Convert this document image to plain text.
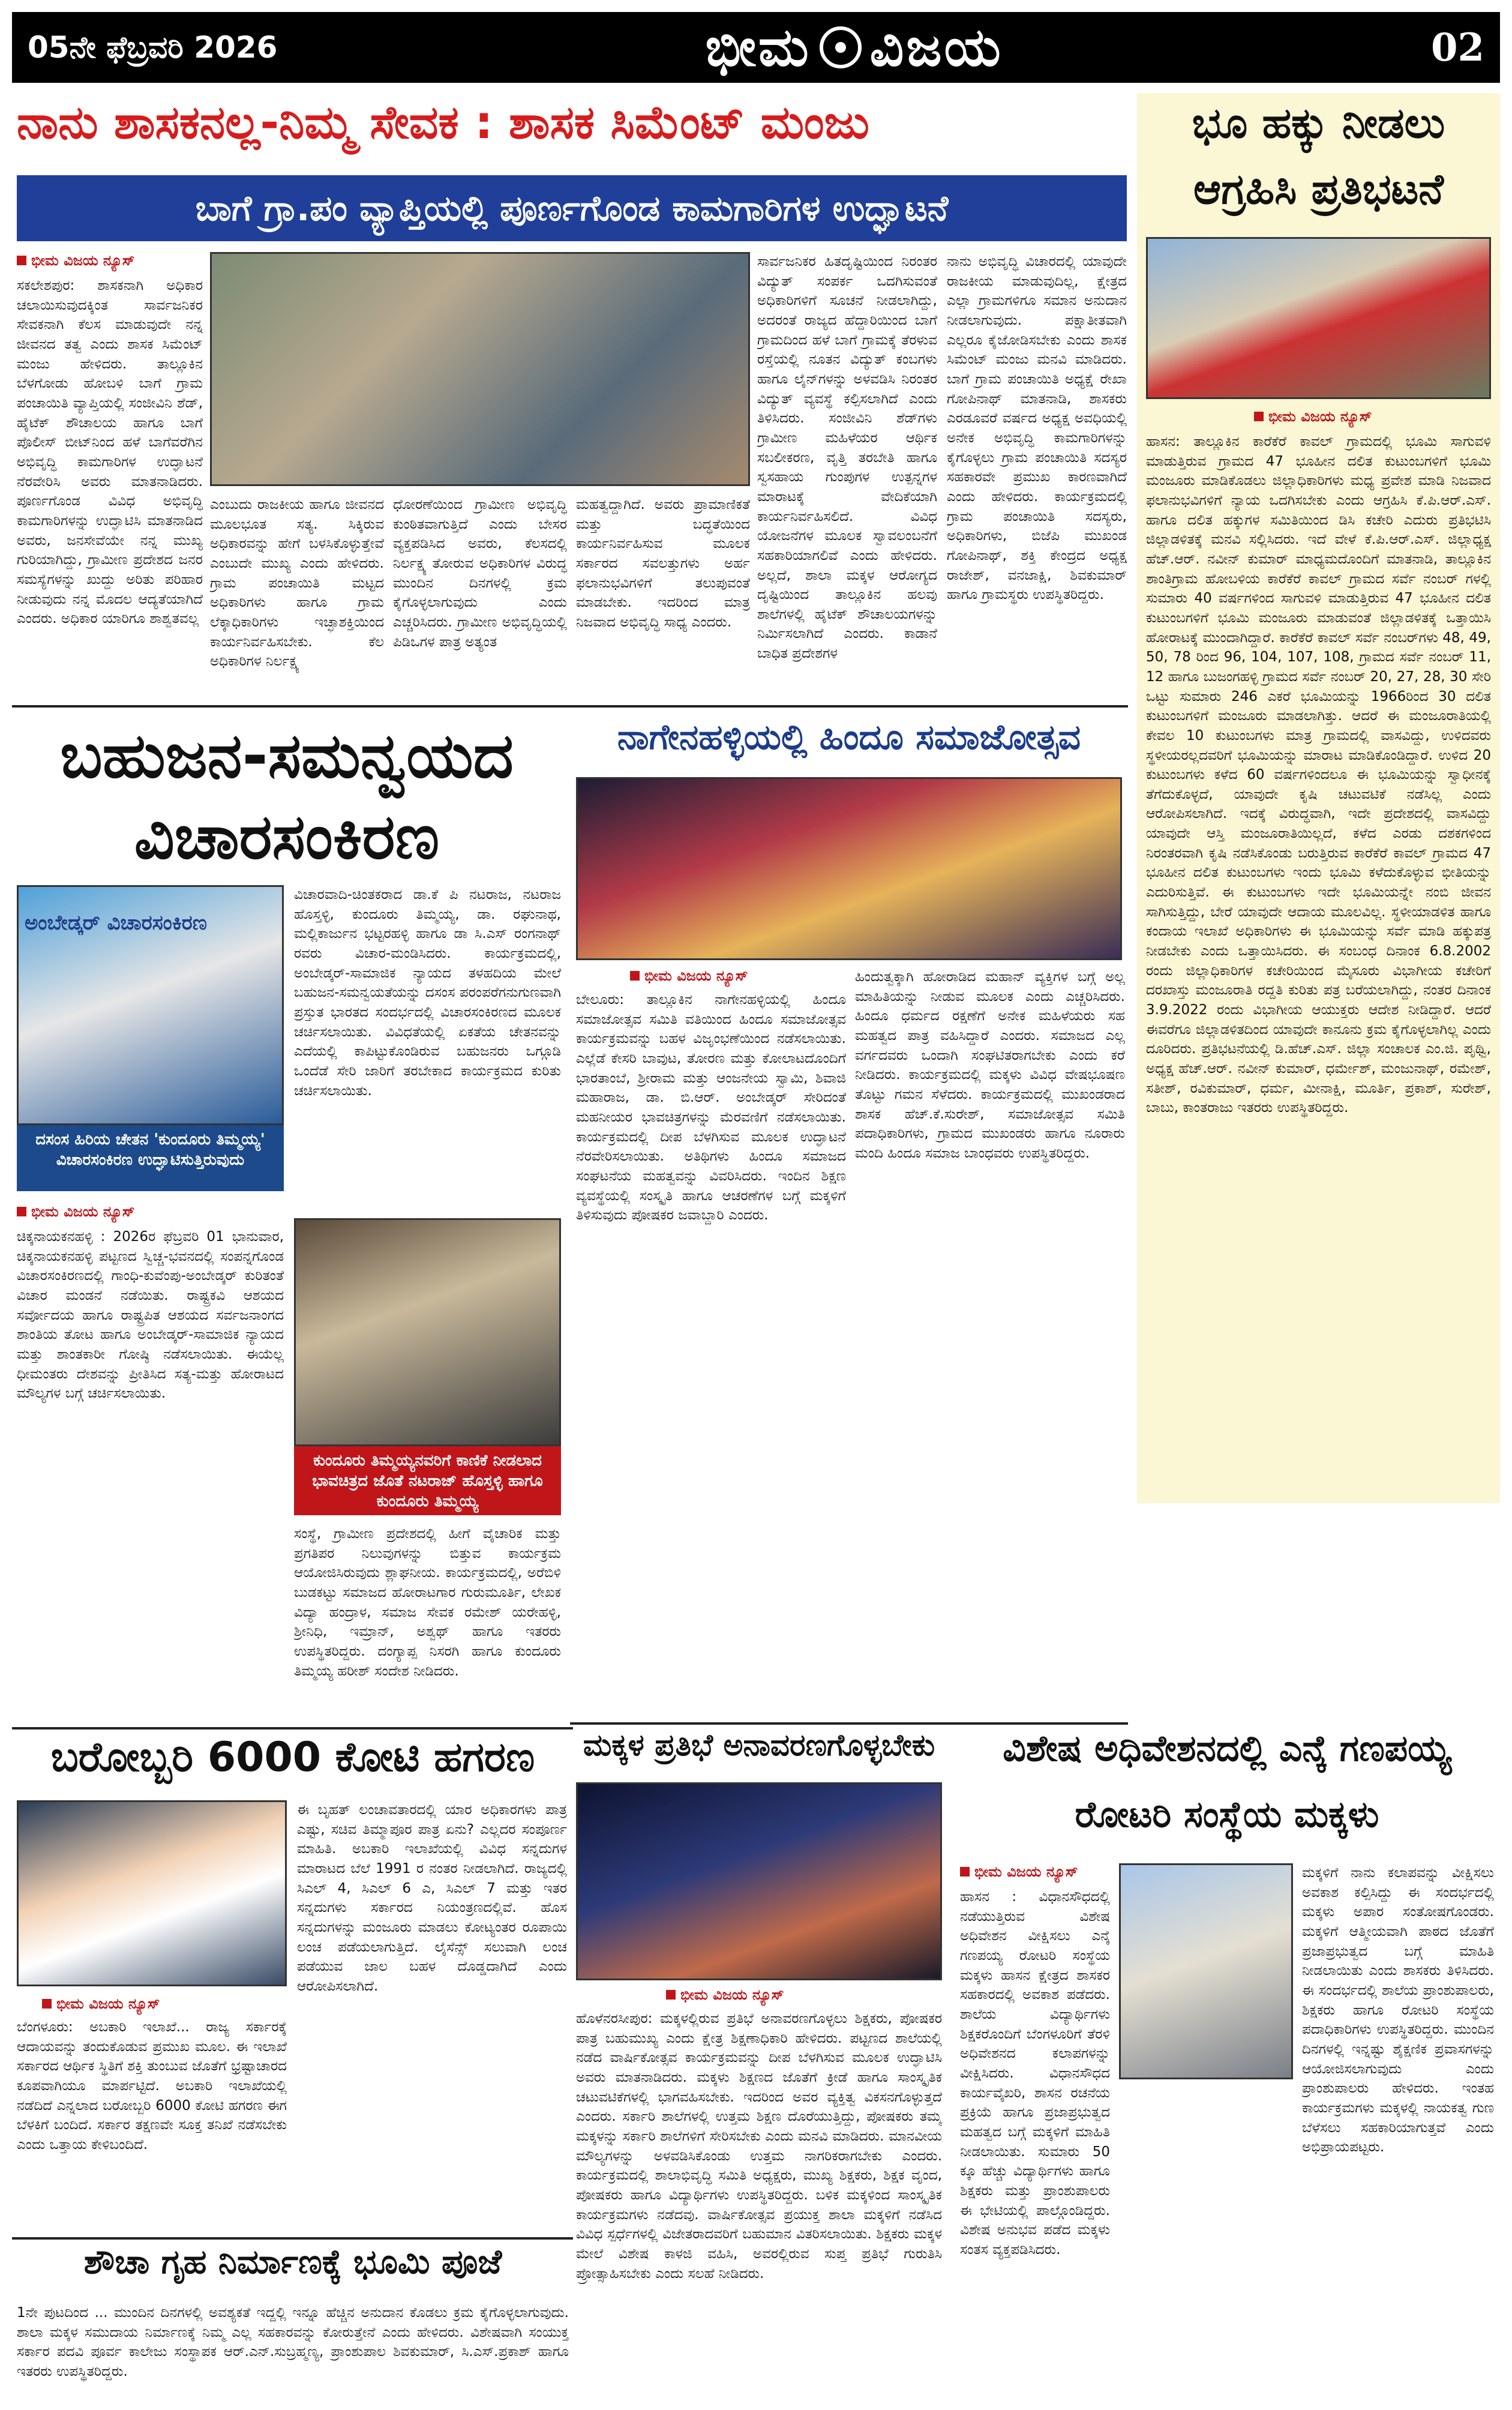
05ನೇ ಫೆಬ್ರವರಿ 2026	ಭೀಮ ವಿಜಯ	02
ನಾನು ಶಾಸಕನಲ್ಲ-ನಿಮ್ಮ ಸೇವಕ : ಶಾಸಕ ಸಿಮೆಂಟ್ ಮಂಜು
ಬಾಗೆ ಗ್ರಾ.ಪಂ ವ್ಯಾಪ್ತಿಯಲ್ಲಿ ಪೂರ್ಣಗೊಂಡ ಕಾಮಗಾರಿಗಳ ಉದ್ಘಾಟನೆ
ಭೀಮ ವಿಜಯ ನ್ಯೂಸ್
ಸಕಲೇಶಪುರ: ಶಾಸಕನಾಗಿ ಅಧಿಕಾರ ಚಲಾಯಿಸುವುದಕ್ಕಿಂತ ಸಾರ್ವಜನಿಕರ ಸೇವಕನಾಗಿ ಕೆಲಸ ಮಾಡುವುದೇ ನನ್ನ ಜೀವನದ ತತ್ವ ಎಂದು ಶಾಸಕ ಸಿಮೆಂಟ್ ಮಂಜು ಹೇಳಿದರು. ತಾಲ್ಲೂಕಿನ ಬೆಳಗೋಡು ಹೋಬಳಿ ಬಾಗೆ ಗ್ರಾಮ ಪಂಚಾಯಿತಿ ವ್ಯಾಪ್ತಿಯಲ್ಲಿ ಸಂಜೀವಿನಿ ಶೆಡ್, ಹೈಟೆಕ್ ಶೌಚಾಲಯ ಹಾಗೂ ಬಾಗೆ ಪೊಲೀಸ್ ಬೀಟ್‌ನಿಂದ ಹಳೆ ಬಾಗೆವರೆಗಿನ ಅಭಿವೃದ್ಧಿ ಕಾಮಗಾರಿಗಳ ಉದ್ಘಾಟನೆ ನೆರವೇರಿಸಿ ಅವರು ಮಾತನಾಡಿದರು. ಪೂರ್ಣಗೊಂಡ ವಿವಿಧ ಅಭಿವೃದ್ಧಿ ಕಾಮಗಾರಿಗಳನ್ನು ಉದ್ಘಾಟಿಸಿ ಮಾತನಾಡಿದ ಅವರು, ಜನಸೇವೆಯೇ ನನ್ನ ಮುಖ್ಯ ಗುರಿಯಾಗಿದ್ದು, ಗ್ರಾಮೀಣ ಪ್ರದೇಶದ ಜನರ ಸಮಸ್ಯೆಗಳನ್ನು ಖುದ್ದು ಅರಿತು ಪರಿಹಾರ ನೀಡುವುದು ನನ್ನ ಮೊದಲ ಆದ್ಯತೆಯಾಗಿದೆ ಎಂದರು. ಅಧಿಕಾರ ಯಾರಿಗೂ ಶಾಶ್ವತವಲ್ಲ
ಎಂಬುದು ರಾಜಕೀಯ ಹಾಗೂ ಜೀವನದ ಮೂಲಭೂತ ಸತ್ಯ. ಸಿಕ್ಕಿರುವ ಅಧಿಕಾರವನ್ನು ಹೇಗೆ ಬಳಸಿಕೊಳ್ಳುತ್ತೇವೆ ಎಂಬುದೇ ಮುಖ್ಯ ಎಂದು ಹೇಳಿದರು. ಗ್ರಾಮ ಪಂಚಾಯಿತಿ ಮಟ್ಟದ ಅಧಿಕಾರಿಗಳು ಹಾಗೂ ಗ್ರಾಮ ಲೆಕ್ಕಾಧಿಕಾರಿಗಳು ಇಚ್ಛಾಶಕ್ತಿಯಿಂದ ಕಾರ್ಯನಿರ್ವಹಿಸಬೇಕು. ಕೆಲ ಅಧಿಕಾರಿಗಳ ನಿರ್ಲಕ್ಷ್ಯ
ಧೋರಣೆಯಿಂದ ಗ್ರಾಮೀಣ ಅಭಿವೃದ್ಧಿ ಕುಂಠಿತವಾಗುತ್ತಿದೆ ಎಂದು ಬೇಸರ ವ್ಯಕ್ತಪಡಿಸಿದ ಅವರು, ಕೆಲಸದಲ್ಲಿ ನಿರ್ಲಕ್ಷ್ಯ ತೋರುವ ಅಧಿಕಾರಿಗಳ ವಿರುದ್ಧ ಮುಂದಿನ ದಿನಗಳಲ್ಲಿ ಕ್ರಮ ಕೈಗೊಳ್ಳಲಾಗುವುದು ಎಂದು ಎಚ್ಚರಿಸಿದರು. ಗ್ರಾಮೀಣ ಅಭಿವೃದ್ಧಿಯಲ್ಲಿ ಪಿಡಿಒಗಳ ಪಾತ್ರ ಅತ್ಯಂತ
ಮಹತ್ವದ್ದಾಗಿದೆ. ಅವರು ಪ್ರಾಮಾಣಿಕತೆ ಮತ್ತು ಬದ್ಧತೆಯಿಂದ ಕಾರ್ಯನಿರ್ವಹಿಸುವ ಮೂಲಕ ಸರ್ಕಾರದ ಸವಲತ್ತುಗಳು ಅರ್ಹ ಫಲಾನುಭವಿಗಳಿಗೆ ತಲುಪುವಂತೆ ಮಾಡಬೇಕು. ಇದರಿಂದ ಮಾತ್ರ ನಿಜವಾದ ಅಭಿವೃದ್ಧಿ ಸಾಧ್ಯ ಎಂದರು.
ಸಾರ್ವಜನಿಕರ ಹಿತದೃಷ್ಟಿಯಿಂದ ನಿರಂತರ ವಿದ್ಯುತ್ ಸಂಪರ್ಕ ಒದಗಿಸುವಂತೆ ಅಧಿಕಾರಿಗಳಿಗೆ ಸೂಚನೆ ನೀಡಲಾಗಿದ್ದು, ಅದರಂತೆ ರಾಜ್ಯದ ಹೆದ್ದಾರಿಯಿಂದ ಬಾಗೆ ಗ್ರಾಮದಿಂದ ಹಳೆ ಬಾಗೆ ಗ್ರಾಮಕ್ಕೆ ತೆರಳುವ ರಸ್ತೆಯಲ್ಲಿ ನೂತನ ವಿದ್ಯುತ್ ಕಂಬಗಳು ಹಾಗೂ ಲೈನ್‌ಗಳನ್ನು ಅಳವಡಿಸಿ ನಿರಂತರ ವಿದ್ಯುತ್ ವ್ಯವಸ್ಥೆ ಕಲ್ಪಿಸಲಾಗಿದೆ ಎಂದು ತಿಳಿಸಿದರು. ಸಂಜೀವಿನಿ ಶೆಡ್‌ಗಳು ಗ್ರಾಮೀಣ ಮಹಿಳೆಯರ ಆರ್ಥಿಕ ಸಬಲೀಕರಣ, ವೃತ್ತಿ ತರಬೇತಿ ಹಾಗೂ ಸ್ವಸಹಾಯ ಗುಂಪುಗಳ ಉತ್ಪನ್ನಗಳ ಮಾರಾಟಕ್ಕೆ ವೇದಿಕೆಯಾಗಿ ಕಾರ್ಯನಿರ್ವಹಿಸಲಿದೆ. ವಿವಿಧ ಯೋಜನೆಗಳ ಮೂಲಕ ಸ್ವಾವಲಂಬನೆಗೆ ಸಹಕಾರಿಯಾಗಲಿವೆ ಎಂದು ಹೇಳಿದರು. ಅಲ್ಲದೆ, ಶಾಲಾ ಮಕ್ಕಳ ಆರೋಗ್ಯದ ದೃಷ್ಟಿಯಿಂದ ತಾಲ್ಲೂಕಿನ ಹಲವು ಶಾಲೆಗಳಲ್ಲಿ ಹೈಟೆಕ್ ಶೌಚಾಲಯಗಳನ್ನು ನಿರ್ಮಿಸಲಾಗಿದೆ ಎಂದರು. ಕಾಡಾನೆ ಬಾಧಿತ ಪ್ರದೇಶಗಳ
ನಾನು ಅಭಿವೃದ್ಧಿ ವಿಚಾರದಲ್ಲಿ ಯಾವುದೇ ರಾಜಕೀಯ ಮಾಡುವುದಿಲ್ಲ, ಕ್ಷೇತ್ರದ ಎಲ್ಲಾ ಗ್ರಾಮಗಳಿಗೂ ಸಮಾನ ಅನುದಾನ ನೀಡಲಾಗುವುದು. ಪಕ್ಷಾತೀತವಾಗಿ ಎಲ್ಲರೂ ಕೈಜೋಡಿಸಬೇಕು ಎಂದು ಶಾಸಕ ಸಿಮೆಂಟ್ ಮಂಜು ಮನವಿ ಮಾಡಿದರು. ಬಾಗೆ ಗ್ರಾಮ ಪಂಚಾಯಿತಿ ಅಧ್ಯಕ್ಷೆ ರೇಖಾ ಗೋಪಿನಾಥ್ ಮಾತನಾಡಿ, ಶಾಸಕರು ಎರಡೂವರೆ ವರ್ಷದ ಅಧ್ಯಕ್ಷ ಅವಧಿಯಲ್ಲಿ ಅನೇಕ ಅಭಿವೃದ್ಧಿ ಕಾಮಗಾರಿಗಳನ್ನು ಕೈಗೊಳ್ಳಲು ಗ್ರಾಮ ಪಂಚಾಯಿತಿ ಸದಸ್ಯರ ಸಹಕಾರವೇ ಪ್ರಮುಖ ಕಾರಣವಾಗಿದೆ ಎಂದು ಹೇಳಿದರು. ಕಾರ್ಯಕ್ರಮದಲ್ಲಿ ಗ್ರಾಮ ಪಂಚಾಯಿತಿ ಸದಸ್ಯರು, ಅಧಿಕಾರಿಗಳು, ಬಿಜೆಪಿ ಮುಖಂಡ ಗೋಪಿನಾಥ್, ಶಕ್ತಿ ಕೇಂದ್ರದ ಅಧ್ಯಕ್ಷ ರಾಜೇಶ್, ವನಜಾಕ್ಷಿ, ಶಿವಕುಮಾರ್ ಹಾಗೂ ಗ್ರಾಮಸ್ಥರು ಉಪಸ್ಥಿತರಿದ್ದರು.
ಭೂ ಹಕ್ಕು ನೀಡಲು
ಆಗ್ರಹಿಸಿ ಪ್ರತಿಭಟನೆ
ಭೀಮ ವಿಜಯ ನ್ಯೂಸ್
ಹಾಸನ: ತಾಲ್ಲೂಕಿನ ಕಾರೆಕೆರೆ ಕಾವಲ್ ಗ್ರಾಮದಲ್ಲಿ ಭೂಮಿ ಸಾಗುವಳಿ ಮಾಡುತ್ತಿರುವ ಗ್ರಾಮದ 47 ಭೂಹೀನ ದಲಿತ ಕುಟುಂಬಗಳಿಗೆ ಭೂಮಿ ಮಂಜೂರು ಮಾಡಿಕೊಡಲು ಜಿಲ್ಲಾಧಿಕಾರಿಗಳು ಮಧ್ಯ ಪ್ರವೇಶ ಮಾಡಿ ನಿಜವಾದ ಫಲಾನುಭವಿಗಳಿಗೆ ನ್ಯಾಯ ಒದಗಿಸಬೇಕು ಎಂದು ಆಗ್ರಹಿಸಿ ಕೆ.ಪಿ.ಆರ್.ಎಸ್. ಹಾಗೂ ದಲಿತ ಹಕ್ಕುಗಳ ಸಮಿತಿಯಿಂದ ಡಿಸಿ ಕಚೇರಿ ಎದುರು ಪ್ರತಿಭಟಿಸಿ ಜಿಲ್ಲಾಡಳಿತಕ್ಕೆ ಮನವಿ ಸಲ್ಲಿಸಿದರು. ಇದೆ ವೇಳೆ ಕೆ.ಪಿ.ಆರ್.ಎಸ್. ಜಿಲ್ಲಾಧ್ಯಕ್ಷ ಹೆಚ್.ಆರ್. ನವೀನ್ ಕುಮಾರ್ ಮಾಧ್ಯಮದೊಂದಿಗೆ ಮಾತನಾಡಿ, ತಾಲ್ಲೂಕಿನ ಶಾಂತಿಗ್ರಾಮ ಹೋಬಳಿಯ ಕಾರೆಕೆರೆ ಕಾವಲ್ ಗ್ರಾಮದ ಸರ್ವೆ ನಂಬರ್ ಗಳಲ್ಲಿ ಸುಮಾರು 40 ವರ್ಷಗಳಿಂದ ಸಾಗುವಳಿ ಮಾಡುತ್ತಿರುವ 47 ಭೂಹೀನ ದಲಿತ ಕುಟುಂಬಗಳಿಗೆ ಭೂಮಿ ಮಂಜೂರು ಮಾಡುವಂತೆ ಜಿಲ್ಲಾಡಳಿತಕ್ಕೆ ಒತ್ತಾಯಿಸಿ ಹೋರಾಟಕ್ಕೆ ಮುಂದಾಗಿದ್ದಾರೆ. ಕಾರೆಕೆರೆ ಕಾವಲ್ ಸರ್ವೆ ನಂಬರ್‌ಗಳು 48, 49, 50, 78 ರಿಂದ 96, 104, 107, 108, ಗ್ರಾಮದ ಸರ್ವೆ ನಂಬರ್ 11, 12 ಹಾಗೂ ಬುಜಂಗಹಳ್ಳಿ ಗ್ರಾಮದ ಸರ್ವೆ ನಂಬರ್ 20, 27, 28, 30 ಸೇರಿ ಒಟ್ಟು ಸುಮಾರು 246 ಎಕರೆ ಭೂಮಿಯನ್ನು 1966ರಿಂದ 30 ದಲಿತ ಕುಟುಂಬಗಳಿಗೆ ಮಂಜೂರು ಮಾಡಲಾಗಿತ್ತು. ಆದರೆ ಈ ಮಂಜೂರಾತಿಯಲ್ಲಿ ಕೇವಲ 10 ಕುಟುಂಬಗಳು ಮಾತ್ರ ಗ್ರಾಮದಲ್ಲಿ ವಾಸವಿದ್ದು, ಉಳಿದವರು ಸ್ಥಳೀಯರಲ್ಲದವರಿಗೆ ಭೂಮಿಯನ್ನು ಮಾರಾಟ ಮಾಡಿಕೊಂಡಿದ್ದಾರೆ. ಉಳಿದ 20 ಕುಟುಂಬಗಳು ಕಳೆದ 60 ವರ್ಷಗಳಿಂದಲೂ ಈ ಭೂಮಿಯನ್ನು ಸ್ವಾಧೀನಕ್ಕೆ ತೆಗೆದುಕೊಳ್ಳದೆ, ಯಾವುದೇ ಕೃಷಿ ಚಟುವಟಿಕೆ ನಡೆಸಿಲ್ಲ ಎಂದು ಆರೋಪಿಸಲಾಗಿದೆ. ಇದಕ್ಕೆ ವಿರುದ್ಧವಾಗಿ, ಇದೇ ಪ್ರದೇಶದಲ್ಲಿ ವಾಸವಿದ್ದು ಯಾವುದೇ ಆಸ್ತಿ ಮಂಜೂರಾತಿಯಿಲ್ಲದೆ, ಕಳೆದ ಎರಡು ದಶಕಗಳಿಂದ ನಿರಂತರವಾಗಿ ಕೃಷಿ ನಡೆಸಿಕೊಂಡು ಬರುತ್ತಿರುವ ಕಾರೆಕೆರೆ ಕಾವಲ್ ಗ್ರಾಮದ 47 ಭೂಹೀನ ದಲಿತ ಕುಟುಂಬಗಳು ಇಂದು ಭೂಮಿ ಕಳೆದುಕೊಳ್ಳುವ ಭೀತಿಯನ್ನು ಎದುರಿಸುತ್ತಿವೆ. ಈ ಕುಟುಂಬಗಳು ಇದೇ ಭೂಮಿಯನ್ನೇ ನಂಬಿ ಜೀವನ ಸಾಗಿಸುತ್ತಿದ್ದು, ಬೇರೆ ಯಾವುದೇ ಆದಾಯ ಮೂಲವಿಲ್ಲ. ಸ್ಥಳೀಯಾಡಳಿತ ಹಾಗೂ ಕಂದಾಯ ಇಲಾಖೆ ಅಧಿಕಾರಿಗಳು ಈ ಭೂಮಿಯನ್ನು ಸರ್ವೆ ಮಾಡಿ ಹಕ್ಕುಪತ್ರ ನೀಡಬೇಕು ಎಂದು ಒತ್ತಾಯಿಸಿದರು. ಈ ಸಂಬಂಧ ದಿನಾಂಕ 6.8.2002 ರಂದು ಜಿಲ್ಲಾಧಿಕಾರಿಗಳ ಕಚೇರಿಯಿಂದ ಮೈಸೂರು ವಿಭಾಗೀಯ ಕಚೇರಿಗೆ ದರಖಾಸ್ತು ಮಂಜೂರಾತಿ ರದ್ದತಿ ಕುರಿತು ಪತ್ರ ಬರೆಯಲಾಗಿದ್ದು, ನಂತರ ದಿನಾಂಕ 3.9.2022 ರಂದು ವಿಭಾಗೀಯ ಆಯುಕ್ತರು ಆದೇಶ ನೀಡಿದ್ದಾರೆ. ಆದರೆ ಈವರೆಗೂ ಜಿಲ್ಲಾಡಳಿತದಿಂದ ಯಾವುದೇ ಕಾನೂನು ಕ್ರಮ ಕೈಗೊಳ್ಳಲಾಗಿಲ್ಲ ಎಂದು ದೂರಿದರು. ಪ್ರತಿಭಟನೆಯಲ್ಲಿ ಡಿ.ಹೆಚ್.ಎಸ್. ಜಿಲ್ಲಾ ಸಂಚಾಲಕ ಎಂ.ಜಿ. ಪೃಥ್ವಿ, ಅಧ್ಯಕ್ಷ ಹೆಚ್.ಆರ್. ನವೀನ್ ಕುಮಾರ್, ಧರ್ಮೇಶ್, ಮಂಜುನಾಥ್, ರಮೇಶ್, ಸತೀಶ್, ರವಿಕುಮಾರ್, ಧರ್ಮ, ಮೀನಾಕ್ಷಿ, ಮೂರ್ತಿ, ಪ್ರಕಾಶ್, ಸುರೇಶ್, ಬಾಬು, ಕಾಂತರಾಜು ಇತರರು ಉಪಸ್ಥಿತರಿದ್ದರು.
ಬಹುಜನ-ಸಮನ್ವಯದ
ವಿಚಾರಸಂಕಿರಣ
ಅಂಬೇಡ್ಕರ್ ವಿಚಾರಸಂಕಿರಣ
ದಸಂಸ ಹಿರಿಯ ಚೇತನ 'ಕುಂದೂರು ತಿಮ್ಮಯ್ಯ' ವಿಚಾರಸಂಕಿರಣ ಉದ್ಘಾಟಿಸುತ್ತಿರುವುದು
ವಿಚಾರವಾದಿ-ಚಿಂತಕರಾದ ಡಾ.ಕೆ ಪಿ ನಟರಾಜ, ನಟರಾಜ ಹೊಸ್ತಳ್ಳಿ, ಕುಂದೂರು ತಿಮ್ಮಯ್ಯ, ಡಾ. ರಘುನಾಥ, ಮಲ್ಲಿಕಾರ್ಜುನ ಭಟ್ಟರಹಳ್ಳಿ ಹಾಗೂ ಡಾ ಸಿ.ಎಸ್ ರಂಗನಾಥ್ ರವರು ವಿಚಾರ-ಮಂಡಿಸಿದರು. ಕಾರ್ಯಕ್ರಮದಲ್ಲಿ, ಅಂಬೇಡ್ಕರ್-ಸಾಮಾಜಿಕ ನ್ಯಾಯದ ತಳಹದಿಯ ಮೇಲೆ ಬಹುಜನ-ಸಮನ್ವಯತೆಯನ್ನು ದಸಂಸ ಪರಂಪರೆಗನುಗುಣವಾಗಿ ಪ್ರಸ್ತುತ ಭಾರತದ ಸಂದರ್ಭದಲ್ಲಿ ವಿಚಾರಸಂಕಿರಣದ ಮೂಲಕ ಚರ್ಚಿಸಲಾಯಿತು. ವಿವಿಧತೆಯಲ್ಲಿ ಏಕತೆಯ ಚೇತನವನ್ನು ಎದೆಯಲ್ಲಿ ಕಾಪಿಟ್ಟುಕೊಂಡಿರುವ ಬಹುಜನರು ಒಗ್ಗೂಡಿ ಒಂದೆಡೆ ಸೇರಿ ಜಾರಿಗೆ ತರಬೇಕಾದ ಕಾರ್ಯಕ್ರಮದ ಕುರಿತು ಚರ್ಚಿಸಲಾಯಿತು.
ಭೀಮ ವಿಜಯ ನ್ಯೂಸ್
ಚಿಕ್ಕನಾಯಕನಹಳ್ಳಿ : 2026ರ ಫೆಬ್ರವರಿ 01 ಭಾನುವಾರ, ಚಿಕ್ಕನಾಯಕನಹಳ್ಳಿ ಪಟ್ಟಣದ ಸ್ವಿಚ್ಚ-ಭವನದಲ್ಲಿ ಸಂಪನ್ನಗೊಂಡ ವಿಚಾರಸಂಕಿರಣದಲ್ಲಿ ಗಾಂಧಿ-ಕುವೆಂಪು-ಅಂಬೇಡ್ಕರ್ ಕುರಿತಂತೆ ವಿಚಾರ ಮಂಡನೆ ನಡೆಯಿತು. ರಾಷ್ಟ್ರಕವಿ ಆಶಯದ ಸರ್ವೋದಯ ಹಾಗೂ ರಾಷ್ಟ್ರಪಿತ ಆಶಯದ ಸರ್ವಜನಾಂಗದ ಶಾಂತಿಯ ತೋಟ ಹಾಗೂ ಅಂಬೇಡ್ಕರ್-ಸಾಮಾಜಿಕ ನ್ಯಾಯದ ಮತ್ತು ಶಾಂತಕಾರೀ ಗೋಷ್ಠಿ ನಡೆಸಲಾಯಿತು. ಈಯೆಲ್ಲ ಧೀಮಂತರು ದೇಶವನ್ನು ಪ್ರೀತಿಸಿದ ಸತ್ಯ-ಮತ್ತು ಹೋರಾಟದ ಮೌಲ್ಯಗಳ ಬಗ್ಗೆ ಚರ್ಚಿಸಲಾಯಿತು.
ಕುಂದೂರು ತಿಮ್ಮಯ್ಯನವರಿಗೆ ಕಾಣಿಕೆ ನೀಡಲಾದ ಭಾವಚಿತ್ರದ ಜೊತೆ ನಟರಾಜ್ ಹೊಸ್ತಳ್ಳಿ ಹಾಗೂ ಕುಂದೂರು ತಿಮ್ಮಯ್ಯ
ಸಂಸ್ಥೆ, ಗ್ರಾಮೀಣ ಪ್ರದೇಶದಲ್ಲಿ ಹೀಗೆ ವೈಚಾರಿಕ ಮತ್ತು ಪ್ರಗತಿಪರ ನಿಲುವುಗಳನ್ನು ಬಿತ್ತುವ ಕಾರ್ಯಕ್ರಮ ಆಯೋಜಿಸಿರುವುದು ಶ್ಲಾಘನೀಯ. ಕಾರ್ಯಕ್ರಮದಲ್ಲಿ, ಅರೆಬಿಳಿ ಬುಡಕಟ್ಟು ಸಮಾಜದ ಹೋರಾಟಗಾರ ಗುರುಮೂರ್ತಿ, ಲೇಖಕ ವಿದ್ಯಾ ಹಂದ್ರಾಳ, ಸಮಾಜ ಸೇವಕ ರಮೇಶ್ ಯರೇಹಳ್ಳಿ, ಶ್ರೀನಿಧಿ, ಇಮ್ರಾನ್, ಅಶ್ವಥ್ ಹಾಗೂ ಇತರರು ಉಪಸ್ಥಿತರಿದ್ದರು. ದಂಗ್ಯಾಪ್ಪ ನಿಸರಗಿ ಹಾಗೂ ಕುಂದೂರು ತಿಮ್ಮಯ್ಯ ಹರೀಶ್ ಸಂದೇಶ ನೀಡಿದರು.
ನಾಗೇನಹಳ್ಳಿಯಲ್ಲಿ ಹಿಂದೂ ಸಮಾಜೋತ್ಸವ
ಭೀಮ ವಿಜಯ ನ್ಯೂಸ್
ಬೇಲೂರು: ತಾಲ್ಲೂಕಿನ ನಾಗೇನಹಳ್ಳಿಯಲ್ಲಿ ಹಿಂದೂ ಸಮಾಜೋತ್ಸವ ಸಮಿತಿ ವತಿಯಿಂದ ಹಿಂದೂ ಸಮಾಜೋತ್ಸವ ಕಾರ್ಯಕ್ರಮವನ್ನು ಬಹಳ ವಿಜೃಂಭಣೆಯಿಂದ ನಡೆಸಲಾಯಿತು. ಎಲ್ಲೆಡೆ ಕೇಸರಿ ಬಾವುಟ, ತೋರಣ ಮತ್ತು ಕೋಲಾಟದೊಂದಿಗೆ ಭಾರತಾಂಬೆ, ಶ್ರೀರಾಮ ಮತ್ತು ಆಂಜನೇಯ ಸ್ವಾಮಿ, ಶಿವಾಜಿ ಮಹಾರಾಜ, ಡಾ. ಬಿ.ಆರ್. ಅಂಬೇಡ್ಕರ್ ಸೇರಿದಂತೆ ಮಹನೀಯರ ಭಾವಚಿತ್ರಗಳನ್ನು ಮೆರವಣಿಗೆ ನಡೆಸಲಾಯಿತು. ಕಾರ್ಯಕ್ರಮದಲ್ಲಿ ದೀಪ ಬೆಳಗಿಸುವ ಮೂಲಕ ಉದ್ಘಾಟನೆ ನೆರವೇರಿಸಲಾಯಿತು. ಅತಿಥಿಗಳು ಹಿಂದೂ ಸಮಾಜದ ಸಂಘಟನೆಯ ಮಹತ್ವವನ್ನು ವಿವರಿಸಿದರು. ಇಂದಿನ ಶಿಕ್ಷಣ ವ್ಯವಸ್ಥೆಯಲ್ಲಿ ಸಂಸ್ಕೃತಿ ಹಾಗೂ ಆಚರಣೆಗಳ ಬಗ್ಗೆ ಮಕ್ಕಳಿಗೆ ತಿಳಿಸುವುದು ಪೋಷಕರ ಜವಾಬ್ದಾರಿ ಎಂದರು.
ಹಿಂದುತ್ವಕ್ಕಾಗಿ ಹೋರಾಡಿದ ಮಹಾನ್ ವ್ಯಕ್ತಿಗಳ ಬಗ್ಗೆ ಅಲ್ಲ ಮಾಹಿತಿಯನ್ನು ನೀಡುವ ಮೂಲಕ ಎಂದು ಎಚ್ಚರಿಸಿದರು. ಹಿಂದೂ ಧರ್ಮದ ರಕ್ಷಣೆಗೆ ಅನೇಕ ಮಹಿಳೆಯರು ಸಹ ಮಹತ್ವದ ಪಾತ್ರ ವಹಿಸಿದ್ದಾರೆ ಎಂದರು. ಸಮಾಜದ ಎಲ್ಲ ವರ್ಗದವರು ಒಂದಾಗಿ ಸಂಘಟಿತರಾಗಬೇಕು ಎಂದು ಕರೆ ನೀಡಿದರು. ಕಾರ್ಯಕ್ರಮದಲ್ಲಿ ಮಕ್ಕಳು ವಿವಿಧ ವೇಷಭೂಷಣ ತೊಟ್ಟು ಗಮನ ಸೆಳೆದರು. ಕಾರ್ಯಕ್ರಮದಲ್ಲಿ ಮುಖಂಡರಾದ ಶಾಸಕ ಹೆಚ್.ಕೆ.ಸುರೇಶ್, ಸಮಾಜೋತ್ಸವ ಸಮಿತಿ ಪದಾಧಿಕಾರಿಗಳು, ಗ್ರಾಮದ ಮುಖಂಡರು ಹಾಗೂ ನೂರಾರು ಮಂದಿ ಹಿಂದೂ ಸಮಾಜ ಬಾಂಧವರು ಉಪಸ್ಥಿತರಿದ್ದರು.
ಬರೋಬ್ಬರಿ 6000 ಕೋಟಿ ಹಗರಣ
ಈ ಬೃಹತ್ ಲಂಚಾವತಾರದಲ್ಲಿ ಯಾರ ಅಧಿಕಾರಗಳು ಪಾತ್ರ ಎಷ್ಟು, ಸಚಿವ ತಿಮ್ಮಾಪೂರ ಪಾತ್ರ ಏನು? ಎಲ್ಲದರ ಸಂಪೂರ್ಣ ಮಾಹಿತಿ. ಅಬಕಾರಿ ಇಲಾಖೆಯಲ್ಲಿ ವಿವಿಧ ಸನ್ನದುಗಳ ಮಾರಾಟದ ಬೆಲೆ 1991 ರ ನಂತರ ನೀಡಲಾಗಿದೆ. ರಾಜ್ಯದಲ್ಲಿ ಸಿಎಲ್ 4, ಸಿಎಲ್ 6 ಎ, ಸಿಎಲ್ 7 ಮತ್ತು ಇತರ ಸನ್ನದುಗಳು ಸರ್ಕಾರದ ನಿಯಂತ್ರಣದಲ್ಲಿವೆ. ಹೊಸ ಸನ್ನದುಗಳನ್ನು ಮಂಜೂರು ಮಾಡಲು ಕೋಟ್ಯಂತರ ರೂಪಾಯಿ ಲಂಚ ಪಡೆಯಲಾಗುತ್ತಿದೆ. ಲೈಸೆನ್ಸ್ ಸಲುವಾಗಿ ಲಂಚ ಪಡೆಯುವ ಜಾಲ ಬಹಳ ದೊಡ್ಡದಾಗಿದೆ ಎಂದು ಆರೋಪಿಸಲಾಗಿದೆ.
ಭೀಮ ವಿಜಯ ನ್ಯೂಸ್
ಬೆಂಗಳೂರು: ಅಬಕಾರಿ ಇಲಾಖೆ... ರಾಜ್ಯ ಸರ್ಕಾರಕ್ಕೆ ಆದಾಯವನ್ನು ತಂದುಕೊಡುವ ಪ್ರಮುಖ ಮೂಲ. ಈ ಇಲಾಖೆ ಸರ್ಕಾರದ ಆರ್ಥಿಕ ಸ್ಥಿತಿಗೆ ಶಕ್ತಿ ತುಂಬುವ ಜೊತೆಗೆ ಭ್ರಷ್ಟಾಚಾರದ ಕೂಪವಾಗಿಯೂ ಮಾರ್ಪಟ್ಟಿದೆ. ಅಬಕಾರಿ ಇಲಾಖೆಯಲ್ಲಿ ನಡೆದಿದೆ ಎನ್ನಲಾದ ಬರೋಬ್ಬರಿ 6000 ಕೋಟಿ ಹಗರಣ ಈಗ ಬೆಳಕಿಗೆ ಬಂದಿದೆ. ಸರ್ಕಾರ ತಕ್ಷಣವೇ ಸೂಕ್ತ ತನಿಖೆ ನಡೆಸಬೇಕು ಎಂದು ಒತ್ತಾಯ ಕೇಳಿಬಂದಿದೆ.
ಮಕ್ಕಳ ಪ್ರತಿಭೆ ಅನಾವರಣಗೊಳ್ಳಬೇಕು
ಭೀಮ ವಿಜಯ ನ್ಯೂಸ್
ಹೊಳೆನರಸೀಪುರ: ಮಕ್ಕಳಲ್ಲಿರುವ ಪ್ರತಿಭೆ ಅನಾವರಣಗೊಳ್ಳಲು ಶಿಕ್ಷಕರು, ಪೋಷಕರ ಪಾತ್ರ ಬಹುಮುಖ್ಯ ಎಂದು ಕ್ಷೇತ್ರ ಶಿಕ್ಷಣಾಧಿಕಾರಿ ಹೇಳಿದರು. ಪಟ್ಟಣದ ಶಾಲೆಯಲ್ಲಿ ನಡೆದ ವಾರ್ಷಿಕೋತ್ಸವ ಕಾರ್ಯಕ್ರಮವನ್ನು ದೀಪ ಬೆಳಗಿಸುವ ಮೂಲಕ ಉದ್ಘಾಟಿಸಿ ಅವರು ಮಾತನಾಡಿದರು. ಮಕ್ಕಳು ಶಿಕ್ಷಣದ ಜೊತೆಗೆ ಕ್ರೀಡೆ ಹಾಗೂ ಸಾಂಸ್ಕೃತಿಕ ಚಟುವಟಿಕೆಗಳಲ್ಲಿ ಭಾಗವಹಿಸಬೇಕು. ಇದರಿಂದ ಅವರ ವ್ಯಕ್ತಿತ್ವ ವಿಕಸನಗೊಳ್ಳುತ್ತದೆ ಎಂದರು. ಸರ್ಕಾರಿ ಶಾಲೆಗಳಲ್ಲಿ ಉತ್ತಮ ಶಿಕ್ಷಣ ದೊರೆಯುತ್ತಿದ್ದು, ಪೋಷಕರು ತಮ್ಮ ಮಕ್ಕಳನ್ನು ಸರ್ಕಾರಿ ಶಾಲೆಗಳಿಗೆ ಸೇರಿಸಬೇಕು ಎಂದು ಮನವಿ ಮಾಡಿದರು. ಮಾನವೀಯ ಮೌಲ್ಯಗಳನ್ನು ಅಳವಡಿಸಿಕೊಂಡು ಉತ್ತಮ ನಾಗರಿಕರಾಗಬೇಕು ಎಂದರು. ಕಾರ್ಯಕ್ರಮದಲ್ಲಿ ಶಾಲಾಭಿವೃದ್ಧಿ ಸಮಿತಿ ಅಧ್ಯಕ್ಷರು, ಮುಖ್ಯ ಶಿಕ್ಷಕರು, ಶಿಕ್ಷಕ ವೃಂದ, ಪೋಷಕರು ಹಾಗೂ ವಿದ್ಯಾರ್ಥಿಗಳು ಉಪಸ್ಥಿತರಿದ್ದರು. ಬಳಿಕ ಮಕ್ಕಳಿಂದ ಸಾಂಸ್ಕೃತಿಕ ಕಾರ್ಯಕ್ರಮಗಳು ನಡೆದವು. ವಾರ್ಷಿಕೋತ್ಸವ ಪ್ರಯುಕ್ತ ಶಾಲಾ ಮಕ್ಕಳಿಗೆ ನಡೆಸಿದ ವಿವಿಧ ಸ್ಪರ್ಧೆಗಳಲ್ಲಿ ವಿಜೇತರಾದವರಿಗೆ ಬಹುಮಾನ ವಿತರಿಸಲಾಯಿತು. ಶಿಕ್ಷಕರು ಮಕ್ಕಳ ಮೇಲೆ ವಿಶೇಷ ಕಾಳಜಿ ವಹಿಸಿ, ಅವರಲ್ಲಿರುವ ಸುಪ್ತ ಪ್ರತಿಭೆ ಗುರುತಿಸಿ ಪ್ರೋತ್ಸಾಹಿಸಬೇಕು ಎಂದು ಸಲಹೆ ನೀಡಿದರು.
ವಿಶೇಷ ಅಧಿವೇಶನದಲ್ಲಿ ಎನ್ಕೆ ಗಣಪಯ್ಯ
ರೋಟರಿ ಸಂಸ್ಥೆಯ ಮಕ್ಕಳು
ಭೀಮ ವಿಜಯ ನ್ಯೂಸ್
ಹಾಸನ : ವಿಧಾನಸೌಧದಲ್ಲಿ ನಡೆಯುತ್ತಿರುವ ವಿಶೇಷ ಅಧಿವೇಶನ ವೀಕ್ಷಿಸಲು ಎನ್ಕೆ ಗಣಪಯ್ಯ ರೋಟರಿ ಸಂಸ್ಥೆಯ ಮಕ್ಕಳು ಹಾಸನ ಕ್ಷೇತ್ರದ ಶಾಸಕರ ಸಹಕಾರದಲ್ಲಿ ಅವಕಾಶ ಪಡೆದರು. ಶಾಲೆಯ ವಿದ್ಯಾರ್ಥಿಗಳು ಶಿಕ್ಷಕರೊಂದಿಗೆ ಬೆಂಗಳೂರಿಗೆ ತೆರಳಿ ಅಧಿವೇಶನದ ಕಲಾಪಗಳನ್ನು ವೀಕ್ಷಿಸಿದರು. ವಿಧಾನಸೌಧದ ಕಾರ್ಯವೈಖರಿ, ಶಾಸನ ರಚನೆಯ ಪ್ರಕ್ರಿಯೆ ಹಾಗೂ ಪ್ರಜಾಪ್ರಭುತ್ವದ ಮಹತ್ವದ ಬಗ್ಗೆ ಮಕ್ಕಳಿಗೆ ಮಾಹಿತಿ ನೀಡಲಾಯಿತು. ಸುಮಾರು 50 ಕ್ಕೂ ಹೆಚ್ಚು ವಿದ್ಯಾರ್ಥಿಗಳು ಹಾಗೂ ಶಿಕ್ಷಕರು ಮತ್ತು ಪ್ರಾಂಶುಪಾಲರು ಈ ಭೇಟಿಯಲ್ಲಿ ಪಾಲ್ಗೊಂಡಿದ್ದರು. ವಿಶೇಷ ಅನುಭವ ಪಡೆದ ಮಕ್ಕಳು ಸಂತಸ ವ್ಯಕ್ತಪಡಿಸಿದರು.
ಮಕ್ಕಳಿಗೆ ನಾನು ಕಲಾಪವನ್ನು ವೀಕ್ಷಿಸಲು ಅವಕಾಶ ಕಲ್ಪಿಸಿದ್ದು ಈ ಸಂದರ್ಭದಲ್ಲಿ ಮಕ್ಕಳು ಅಪಾರ ಸಂತೋಷಗೊಂಡರು. ಮಕ್ಕಳಿಗೆ ಆತ್ಮೀಯವಾಗಿ ಪಾಠದ ಜೊತೆಗೆ ಪ್ರಜಾಪ್ರಭುತ್ವದ ಬಗ್ಗೆ ಮಾಹಿತಿ ನೀಡಲಾಯಿತು ಎಂದು ಶಾಸಕರು ತಿಳಿಸಿದರು. ಈ ಸಂದರ್ಭದಲ್ಲಿ ಶಾಲೆಯ ಪ್ರಾಂಶುಪಾಲರು, ಶಿಕ್ಷಕರು ಹಾಗೂ ರೋಟರಿ ಸಂಸ್ಥೆಯ ಪದಾಧಿಕಾರಿಗಳು ಉಪಸ್ಥಿತರಿದ್ದರು. ಮುಂದಿನ ದಿನಗಳಲ್ಲಿ ಇನ್ನಷ್ಟು ಶೈಕ್ಷಣಿಕ ಪ್ರವಾಸಗಳನ್ನು ಆಯೋಜಿಸಲಾಗುವುದು ಎಂದು ಪ್ರಾಂಶುಪಾಲರು ಹೇಳಿದರು. ಇಂತಹ ಕಾರ್ಯಕ್ರಮಗಳು ಮಕ್ಕಳಲ್ಲಿ ನಾಯಕತ್ವ ಗುಣ ಬೆಳೆಸಲು ಸಹಕಾರಿಯಾಗುತ್ತವೆ ಎಂದು ಅಭಿಪ್ರಾಯಪಟ್ಟರು.
ಶೌಚಾ ಗೃಹ ನಿರ್ಮಾಣಕ್ಕೆ ಭೂಮಿ ಪೂಜೆ
1ನೇ ಪುಟದಿಂದ ... ಮುಂದಿನ ದಿನಗಳಲ್ಲಿ ಅವಶ್ಯಕತೆ ಇದ್ದಲ್ಲಿ ಇನ್ನೂ ಹೆಚ್ಚಿನ ಅನುದಾನ ಕೊಡಲು ಕ್ರಮ ಕೈಗೊಳ್ಳಲಾಗುವುದು. ಶಾಲಾ ಮಕ್ಕಳ ಸಮುದಾಯ ನಿರ್ಮಾಣಕ್ಕೆ ನಿಮ್ಮ ಎಲ್ಲ ಸಹಕಾರವನ್ನು ಕೋರುತ್ತೇನೆ ಎಂದು ಹೇಳಿದರು. ವಿಶೇಷವಾಗಿ ಸಂಯುಕ್ತ ಸರ್ಕಾರ ಪದವಿ ಪೂರ್ವ ಕಾಲೇಜು ಸಂಸ್ಥಾಪಕ ಆರ್.ಎನ್.ಸುಬ್ರಹ್ಮಣ್ಯ, ಪ್ರಾಂಶುಪಾಲ ಶಿವಕುಮಾರ್, ಸಿ.ಎಸ್.ಪ್ರಕಾಶ್ ಹಾಗೂ ಇತರರು ಉಪಸ್ಥಿತರಿದ್ದರು.
